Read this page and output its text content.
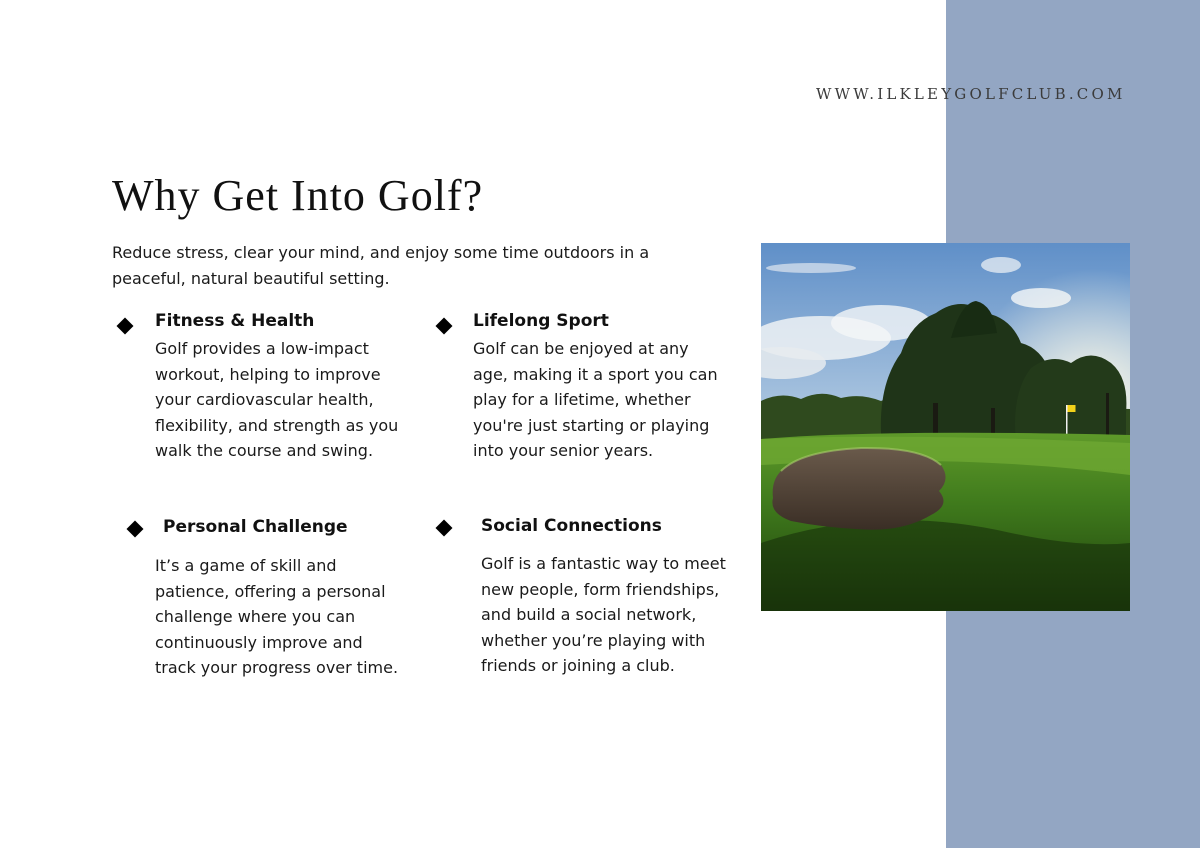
WWW.ILKLEYGOLFCLUB.COM
Why Get Into Golf?

Reduce stress, clear your mind, and enjoy some time outdoors in a peaceful, natural beautiful setting.

Fitness & Health

Golf provides a low-impact workout, helping to improve your cardiovascular health, flexibility, and strength as you walk the course and swing.

Lifelong Sport

Golf can be enjoyed at any age, making it a sport you can play for a lifetime, whether you're just starting or playing into your senior years.

Personal Challenge

It’s a game of skill and patience, offering a personal challenge where you can continuously improve and track your progress over time.

Social Connections

Golf is a fantastic way to meet new people, form friendships, and build a social network, whether you’re playing with friends or joining a club.
